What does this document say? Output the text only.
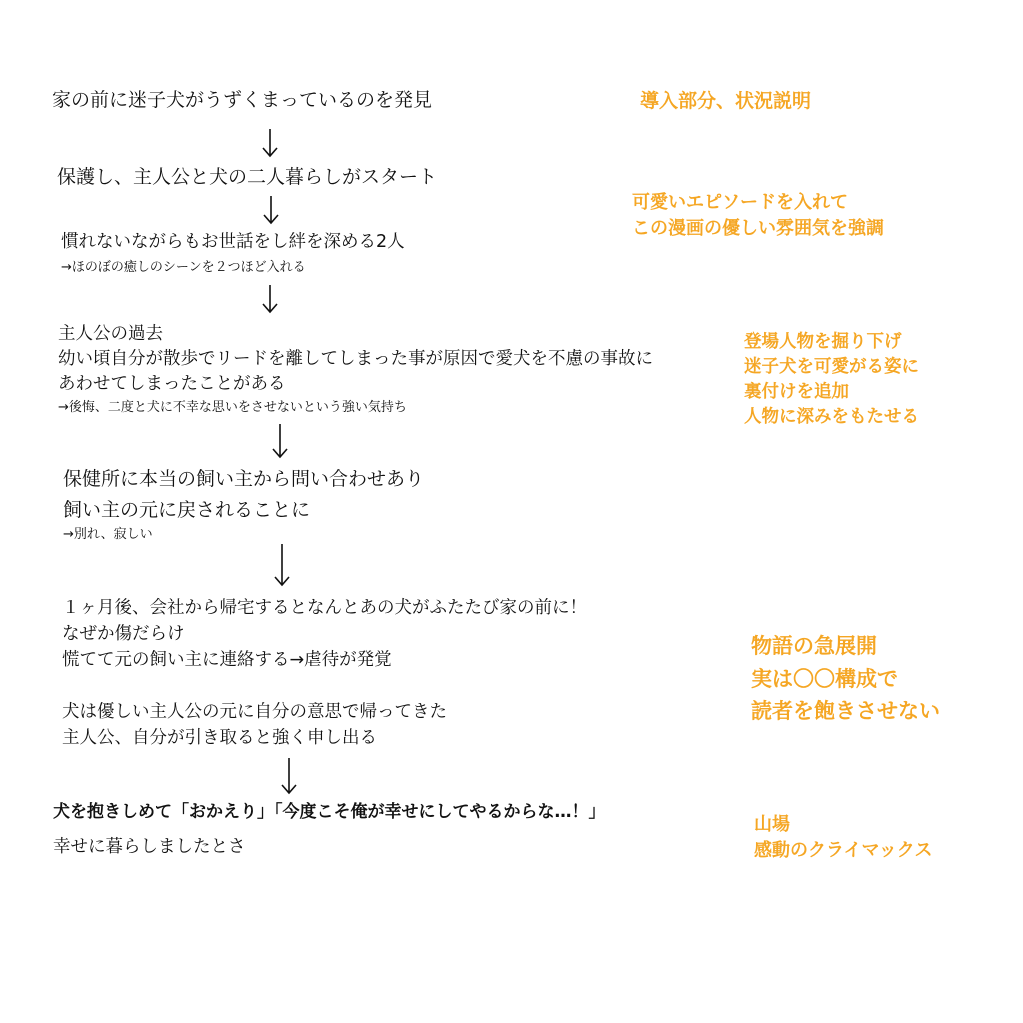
家の前に迷子犬がうずくまっているのを発見
保護し、主人公と犬の二人暮らしがスタート
慣れないながらもお世話をし絆を深める2人
→ほのぼの癒しのシーンを２つほど入れる
主人公の過去
幼い頃自分が散歩でリードを離してしまった事が原因で愛犬を不慮の事故に
あわせてしまったことがある
→後悔、二度と犬に不幸な思いをさせないという強い気持ち
保健所に本当の飼い主から問い合わせあり
飼い主の元に戻されることに
→別れ、寂しい
１ヶ月後、会社から帰宅するとなんとあの犬がふたたび家の前に！
なぜか傷だらけ
慌てて元の飼い主に連絡する→虐待が発覚
犬は優しい主人公の元に自分の意思で帰ってきた
主人公、自分が引き取ると強く申し出る
犬を抱きしめて「おかえり」「今度こそ俺が幸せにしてやるからな…！」
幸せに暮らしましたとさ
導入部分、状況説明
可愛いエピソードを入れて
この漫画の優しい雰囲気を強調
登場人物を掘り下げ
迷子犬を可愛がる姿に
裏付けを追加
人物に深みをもたせる
物語の急展開
実は〇〇構成で
読者を飽きさせない
山場
感動のクライマックス
